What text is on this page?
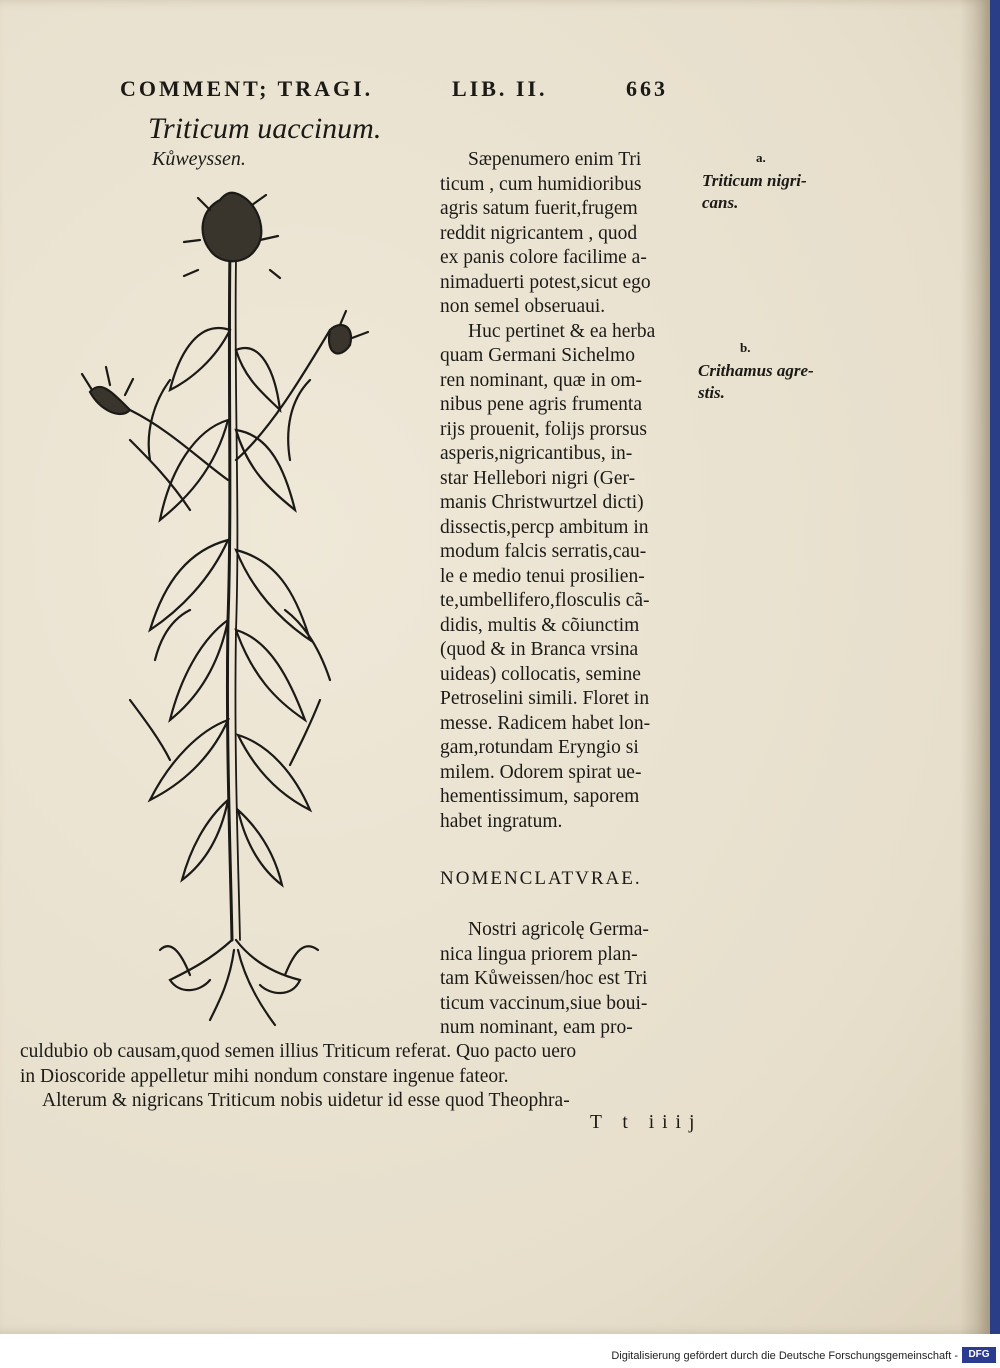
COMMENT; TRAGI.	LIB. II.	663
Triticum uaccinum.
Kůweyssen.	Sæpenumero enim Tri
ticum , cum humidioribus
agris satum fuerit,frugem
reddit nigricantem , quod
ex panis colore facilime a-
nimaduerti potest,sicut ego
non semel obseruaui.
Huc pertinet & ea herba
quam Germani Sichelmo
ren nominant, quæ in om-
nibus pene agris frumenta
rijs prouenit, folijs prorsus
asperis,nigricantibus, in-
star Hellebori nigri (Ger-
manis Christwurtzel dicti)
dissectis,percp ambitum in
modum falcis serratis,cau-
le e medio tenui prosilien-
te,umbellifero,flosculis cã-
didis, multis & cõiunctim
(quod & in Branca vrsina
uideas) collocatis, semine
Petroselini simili. Floret in
messe. Radicem habet lon-
gam,rotundam Eryngio si
milem. Odorem spirat ue-
hementissimum, saporem
habet ingratum.
a.
Triticum nigri-
cans.
b.
Crithamus agre-
stis.
NOMENCLATVRAE.
Nostri agricolę Germa-
nica lingua priorem plan-
tam Kůweissen/hoc est Tri
ticum vaccinum,siue boui-
num nominant, eam pro-
culdubio ob causam,quod semen illius Triticum referat. Quo pacto uero
in Dioscoride appelletur mihi nondum constare ingenue fateor.
Alterum & nigricans Triticum nobis uidetur id esse quod Theophra-
T t iiij
Digitalisierung gefördert durch die Deutsche Forschungsgemeinschaft -	DFG
